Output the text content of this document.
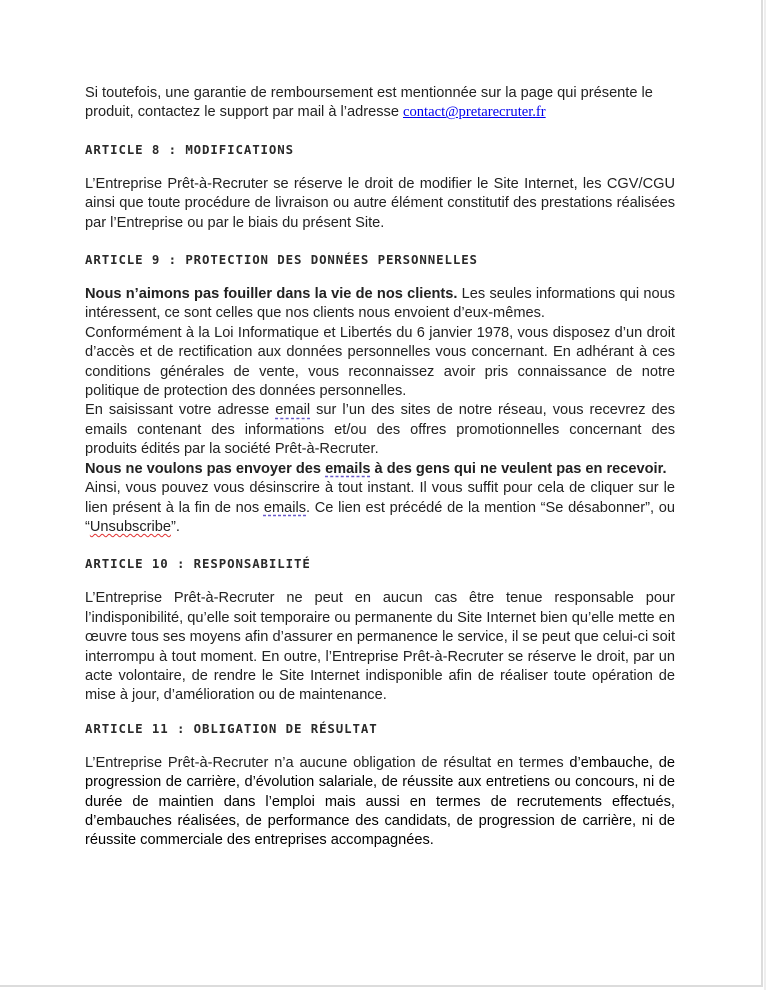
Si toutefois, une garantie de remboursement est mentionnée sur la page qui présente le produit, contactez le support par mail à l’adresse contact@pretarecruter.fr

ARTICLE 8 : MODIFICATIONS

L’Entreprise Prêt-à-Recruter se réserve le droit de modifier le Site Internet, les CGV/CGU ainsi que toute procédure de livraison ou autre élément constitutif des prestations réalisées par l’Entreprise ou par le biais du présent Site.

ARTICLE 9 : PROTECTION DES DONNÉES PERSONNELLES

Nous n’aimons pas fouiller dans la vie de nos clients. Les seules informations qui nous intéressent, ce sont celles que nos clients nous envoient d’eux-mêmes.

Conformément à la Loi Informatique et Libertés du 6 janvier 1978, vous disposez d’un droit d’accès et de rectification aux données personnelles vous concernant. En adhérant à ces conditions générales de vente, vous reconnaissez avoir pris connaissance de notre politique de protection des données personnelles.

En saisissant votre adresse email sur l’un des sites de notre réseau, vous recevrez des emails contenant des informations et/ou des offres promotionnelles concernant des produits édités par la société Prêt-à-Recruter.

Nous ne voulons pas envoyer des emails à des gens qui ne veulent pas en recevoir.

Ainsi, vous pouvez vous désinscrire à tout instant. Il vous suffit pour cela de cliquer sur le lien présent à la fin de nos emails. Ce lien est précédé de la mention “Se désabonner”, ou “Unsubscribe”.

ARTICLE 10 : RESPONSABILITÉ

L’Entreprise Prêt-à-Recruter ne peut en aucun cas être tenue responsable pour l’indisponibilité, qu’elle soit temporaire ou permanente du Site Internet bien qu’elle mette en œuvre tous ses moyens afin d’assurer en permanence le service, il se peut que celui-ci soit interrompu à tout moment. En outre, l’Entreprise Prêt-à-Recruter se réserve le droit, par un acte volontaire, de rendre le Site Internet indisponible afin de réaliser toute opération de mise à jour, d’amélioration ou de maintenance.

ARTICLE 11 : OBLIGATION DE RÉSULTAT

L’Entreprise Prêt-à-Recruter n’a aucune obligation de résultat en termes d’embauche, de progression de carrière, d’évolution salariale, de réussite aux entretiens ou concours, ni de durée de maintien dans l’emploi mais aussi en termes de recrutements effectués, d’embauches réalisées, de performance des candidats, de progression de carrière, ni de réussite commerciale des entreprises accompagnées.
